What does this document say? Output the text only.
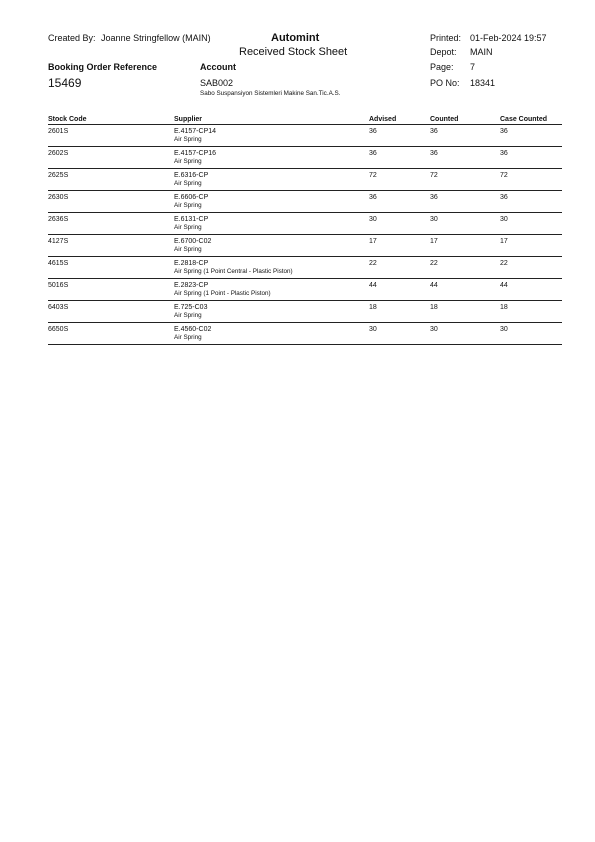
Created By: Joanne Stringfellow (MAIN)	Automint
Received Stock Sheet
Printed: 01-Feb-2024 19:57
Depot: MAIN
Page: 7
PO No: 18341
Booking Order Reference
15469
Account
SAB002
Sabo Suspansiyon Sistemleri Makine San.Tic.A.S.
Stock Code	Supplier	Advised	Counted	Case Counted
2601S	E.4157-CP14
Air Spring	36	36	36
2602S	E.4157-CP16
Air Spring	36	36	36
2625S	E.6316-CP
Air Spring	72	72	72
2630S	E.6606-CP
Air Spring	36	36	36
2636S	E.6131-CP
Air Spring	30	30	30
4127S	E.6700-C02
Air Spring	17	17	17
4615S	E.2818-CP
Air Spring (1 Point Central - Plastic Piston)	22	22	22
5016S	E.2823-CP
Air Spring (1 Point - Plastic Piston)	44	44	44
6403S	E.725-C03
Air Spring	18	18	18
6650S	E.4560-C02
Air Spring	30	30	30
